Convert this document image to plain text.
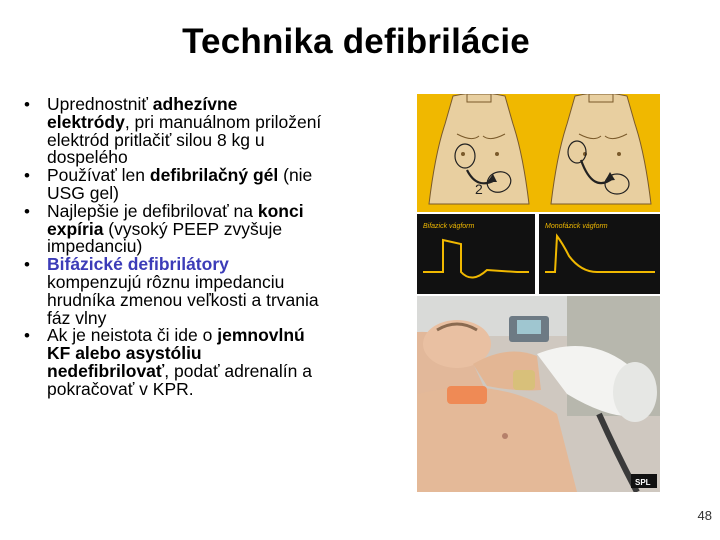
Technika defibrilácie
• Uprednostniť adhezívne elektródy, pri manuálnom priložení elektród pritlačiť silou 8 kg u dospelého
• Používať len defibrilačný gél (nie USG gel)
• Najlepšie je defibrilovať na konci expíria (vysoký PEEP zvyšuje impedanciu)
• Bifázické defibrilátory kompenzujú rôznu impedanciu hrudníka zmenou veľkosti a trvania fáz vlny
• Ak je neistota či ide o jemnovlnú KF alebo asystóliu nedefibrilovať, podať adrenalín a pokračovať v KPR.
2
Bifazick vágform	Monofázick vágform
SPL
48
